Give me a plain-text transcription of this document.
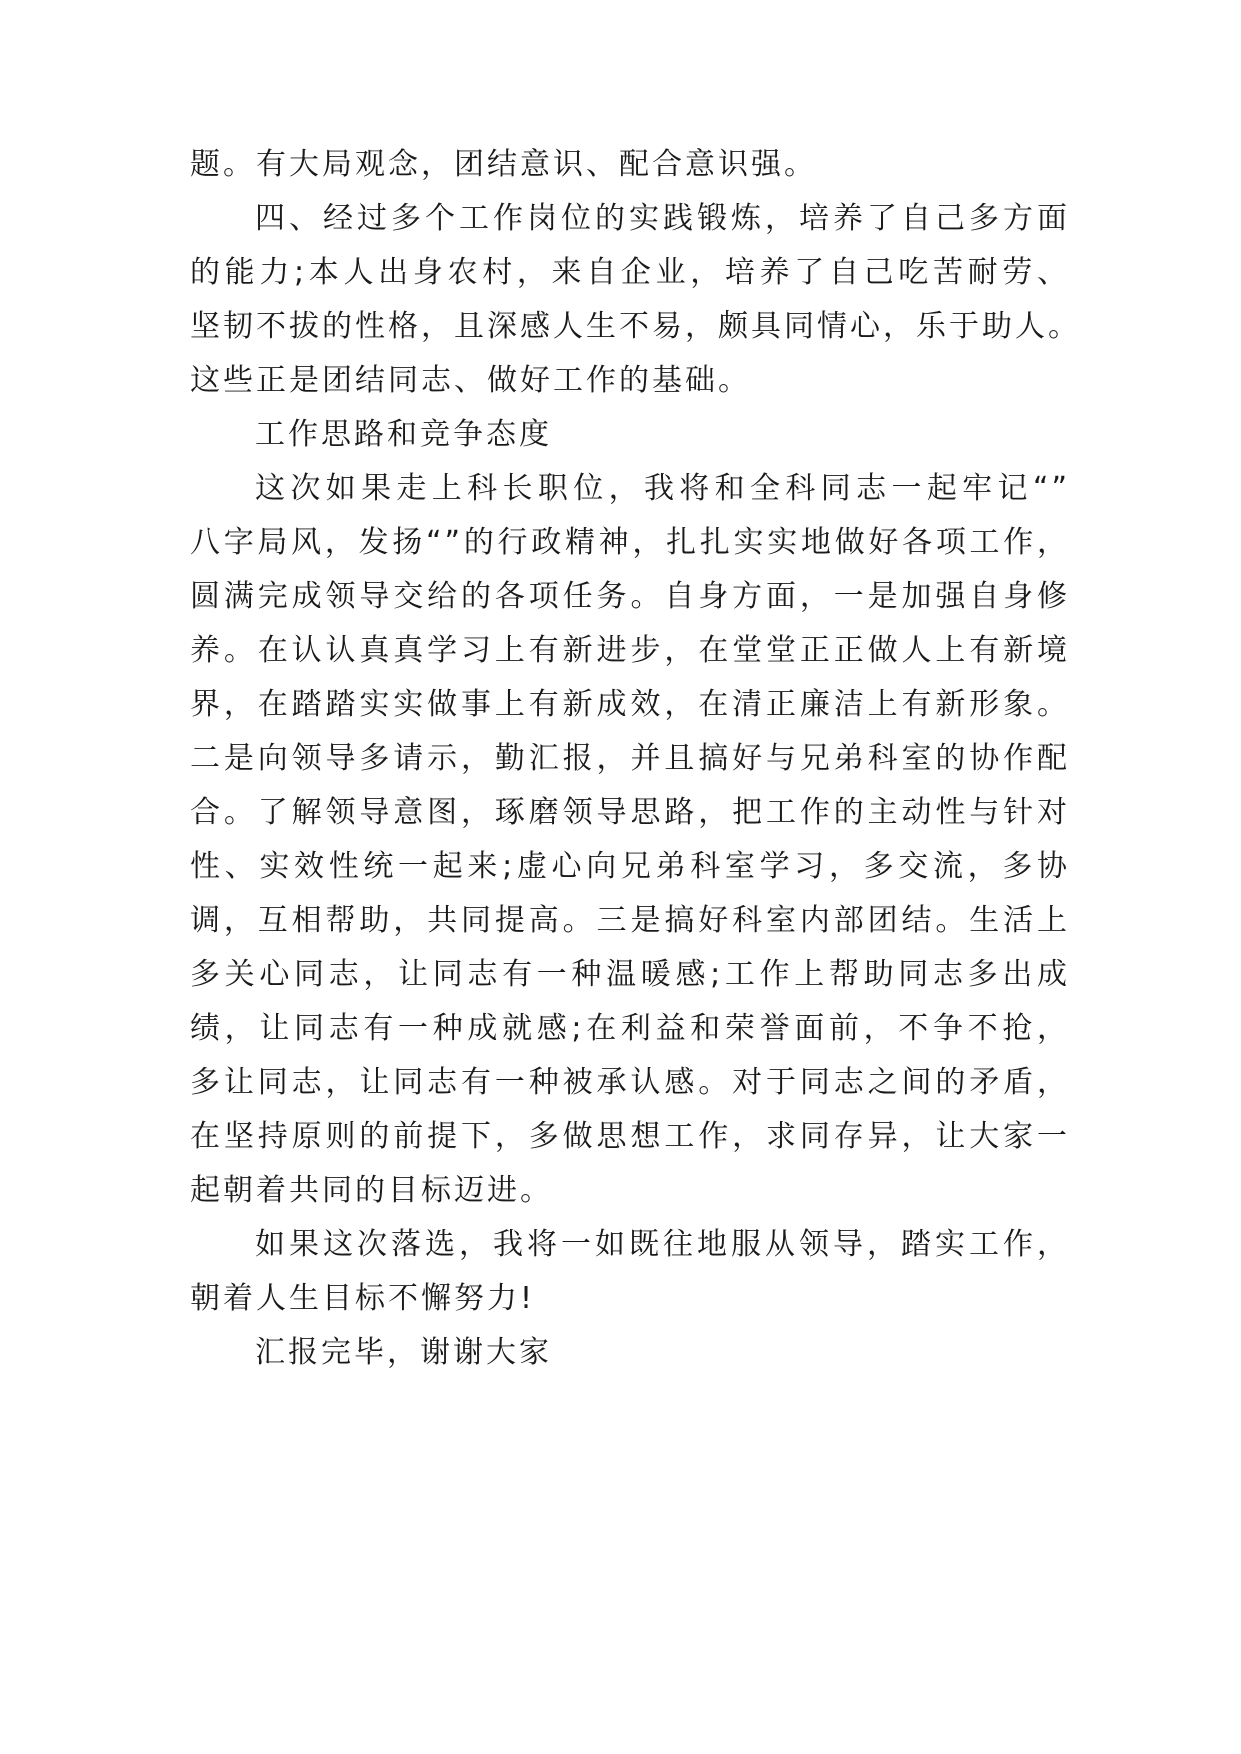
题。有大局观念，团结意识、配合意识强。
四、经过多个工作岗位的实践锻炼，培养了自己多方面
的能力;本人出身农村，来自企业，培养了自己吃苦耐劳、
坚韧不拔的性格，且深感人生不易，颇具同情心，乐于助人。
这些正是团结同志、做好工作的基础。
工作思路和竞争态度
这次如果走上科长职位，我将和全科同志一起牢记“”
八字局风，发扬“”的行政精神，扎扎实实地做好各项工作，
圆满完成领导交给的各项任务。自身方面，一是加强自身修
养。在认认真真学习上有新进步，在堂堂正正做人上有新境
界，在踏踏实实做事上有新成效，在清正廉洁上有新形象。
二是向领导多请示，勤汇报，并且搞好与兄弟科室的协作配
合。了解领导意图，琢磨领导思路，把工作的主动性与针对
性、实效性统一起来;虚心向兄弟科室学习，多交流，多协
调，互相帮助，共同提高。三是搞好科室内部团结。生活上
多关心同志，让同志有一种温暖感;工作上帮助同志多出成
绩，让同志有一种成就感;在利益和荣誉面前，不争不抢，
多让同志，让同志有一种被承认感。对于同志之间的矛盾，
在坚持原则的前提下，多做思想工作，求同存异，让大家一
起朝着共同的目标迈进。
如果这次落选，我将一如既往地服从领导，踏实工作，
朝着人生目标不懈努力!
汇报完毕，谢谢大家
